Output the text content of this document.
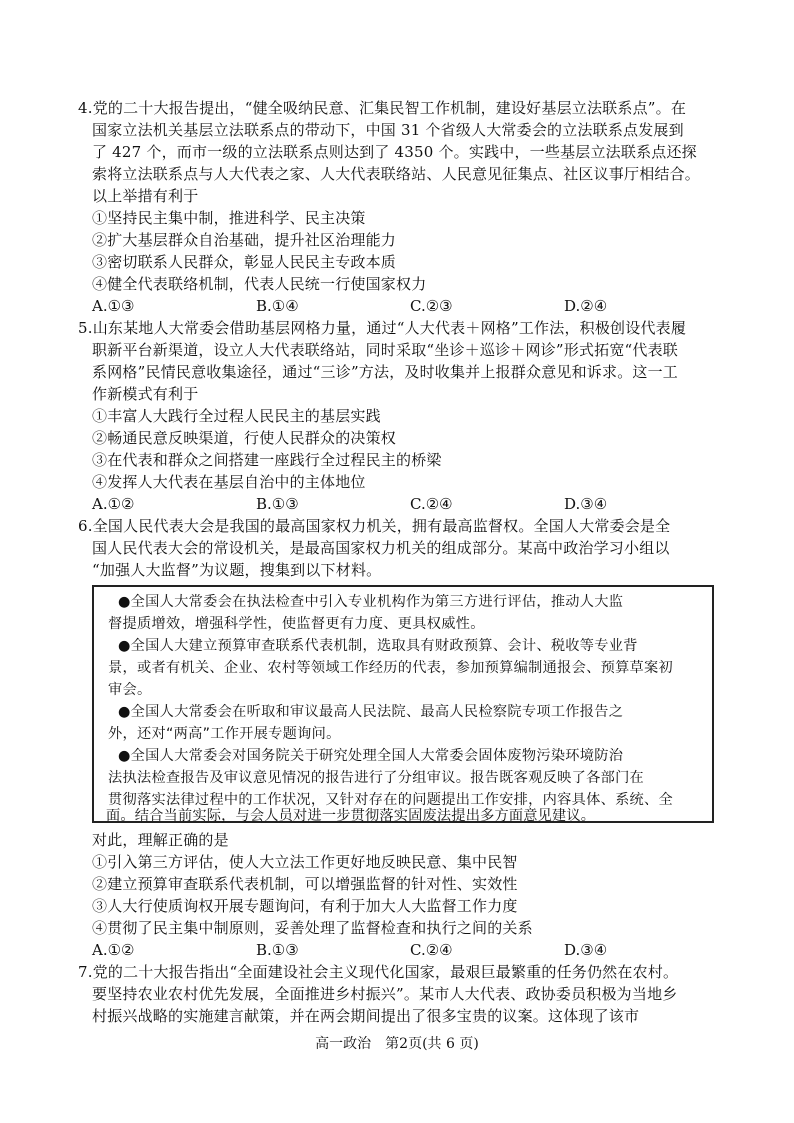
4.党的二十大报告提出，“健全吸纳民意、汇集民智工作机制，建设好基层立法联系点”。在
国家立法机关基层立法联系点的带动下，中国 31 个省级人大常委会的立法联系点发展到
了 427 个，而市一级的立法联系点则达到了 4350 个。实践中，一些基层立法联系点还探
索将立法联系点与人大代表之家、人大代表联络站、人民意见征集点、社区议事厅相结合。
以上举措有利于
①坚持民主集中制，推进科学、民主决策
②扩大基层群众自治基础，提升社区治理能力
③密切联系人民群众，彰显人民民主专政本质
④健全代表联络机制，代表人民统一行使国家权力
A.①③	B.①④	C.②③	D.②④
5.山东某地人大常委会借助基层网格力量，通过“人大代表＋网格”工作法，积极创设代表履
职新平台新渠道，设立人大代表联络站，同时采取“坐诊＋巡诊＋网诊”形式拓宽“代表联
系网格”民情民意收集途径，通过“三诊”方法，及时收集并上报群众意见和诉求。这一工
作新模式有利于
①丰富人大践行全过程人民民主的基层实践
②畅通民意反映渠道，行使人民群众的决策权
③在代表和群众之间搭建一座践行全过程民主的桥梁
④发挥人大代表在基层自治中的主体地位
A.①②	B.①③	C.②④	D.③④
6.全国人民代表大会是我国的最高国家权力机关，拥有最高监督权。全国人大常委会是全
国人民代表大会的常设机关，是最高国家权力机关的组成部分。某高中政治学习小组以
“加强人大监督”为议题，搜集到以下材料。
●全国人大常委会在执法检查中引入专业机构作为第三方进行评估，推动人大监
督提质增效，增强科学性，使监督更有力度、更具权威性。
●全国人大建立预算审查联系代表机制，选取具有财政预算、会计、税收等专业背
景，或者有机关、企业、农村等领域工作经历的代表，参加预算编制通报会、预算草案初
审会。
●全国人大常委会在听取和审议最高人民法院、最高人民检察院专项工作报告之
外，还对“两高”工作开展专题询问。
●全国人大常委会对国务院关于研究处理全国人大常委会固体废物污染环境防治
法执法检查报告及审议意见情况的报告进行了分组审议。报告既客观反映了各部门在
贯彻落实法律过程中的工作状况，又针对存在的问题提出工作安排，内容具体、系统、全
面。结合当前实际，与会人员对进一步贯彻落实固废法提出多方面意见建议。
对此，理解正确的是
①引入第三方评估，使人大立法工作更好地反映民意、集中民智
②建立预算审查联系代表机制，可以增强监督的针对性、实效性
③人大行使质询权开展专题询问，有利于加大人大监督工作力度
④贯彻了民主集中制原则，妥善处理了监督检查和执行之间的关系
A.①②	B.①③	C.②④	D.③④
7.党的二十大报告指出“全面建设社会主义现代化国家，最艰巨最繁重的任务仍然在农村。
要坚持农业农村优先发展，全面推进乡村振兴”。某市人大代表、政协委员积极为当地乡
村振兴战略的实施建言献策，并在两会期间提出了很多宝贵的议案。这体现了该市
高一政治　第2页(共 6 页)
